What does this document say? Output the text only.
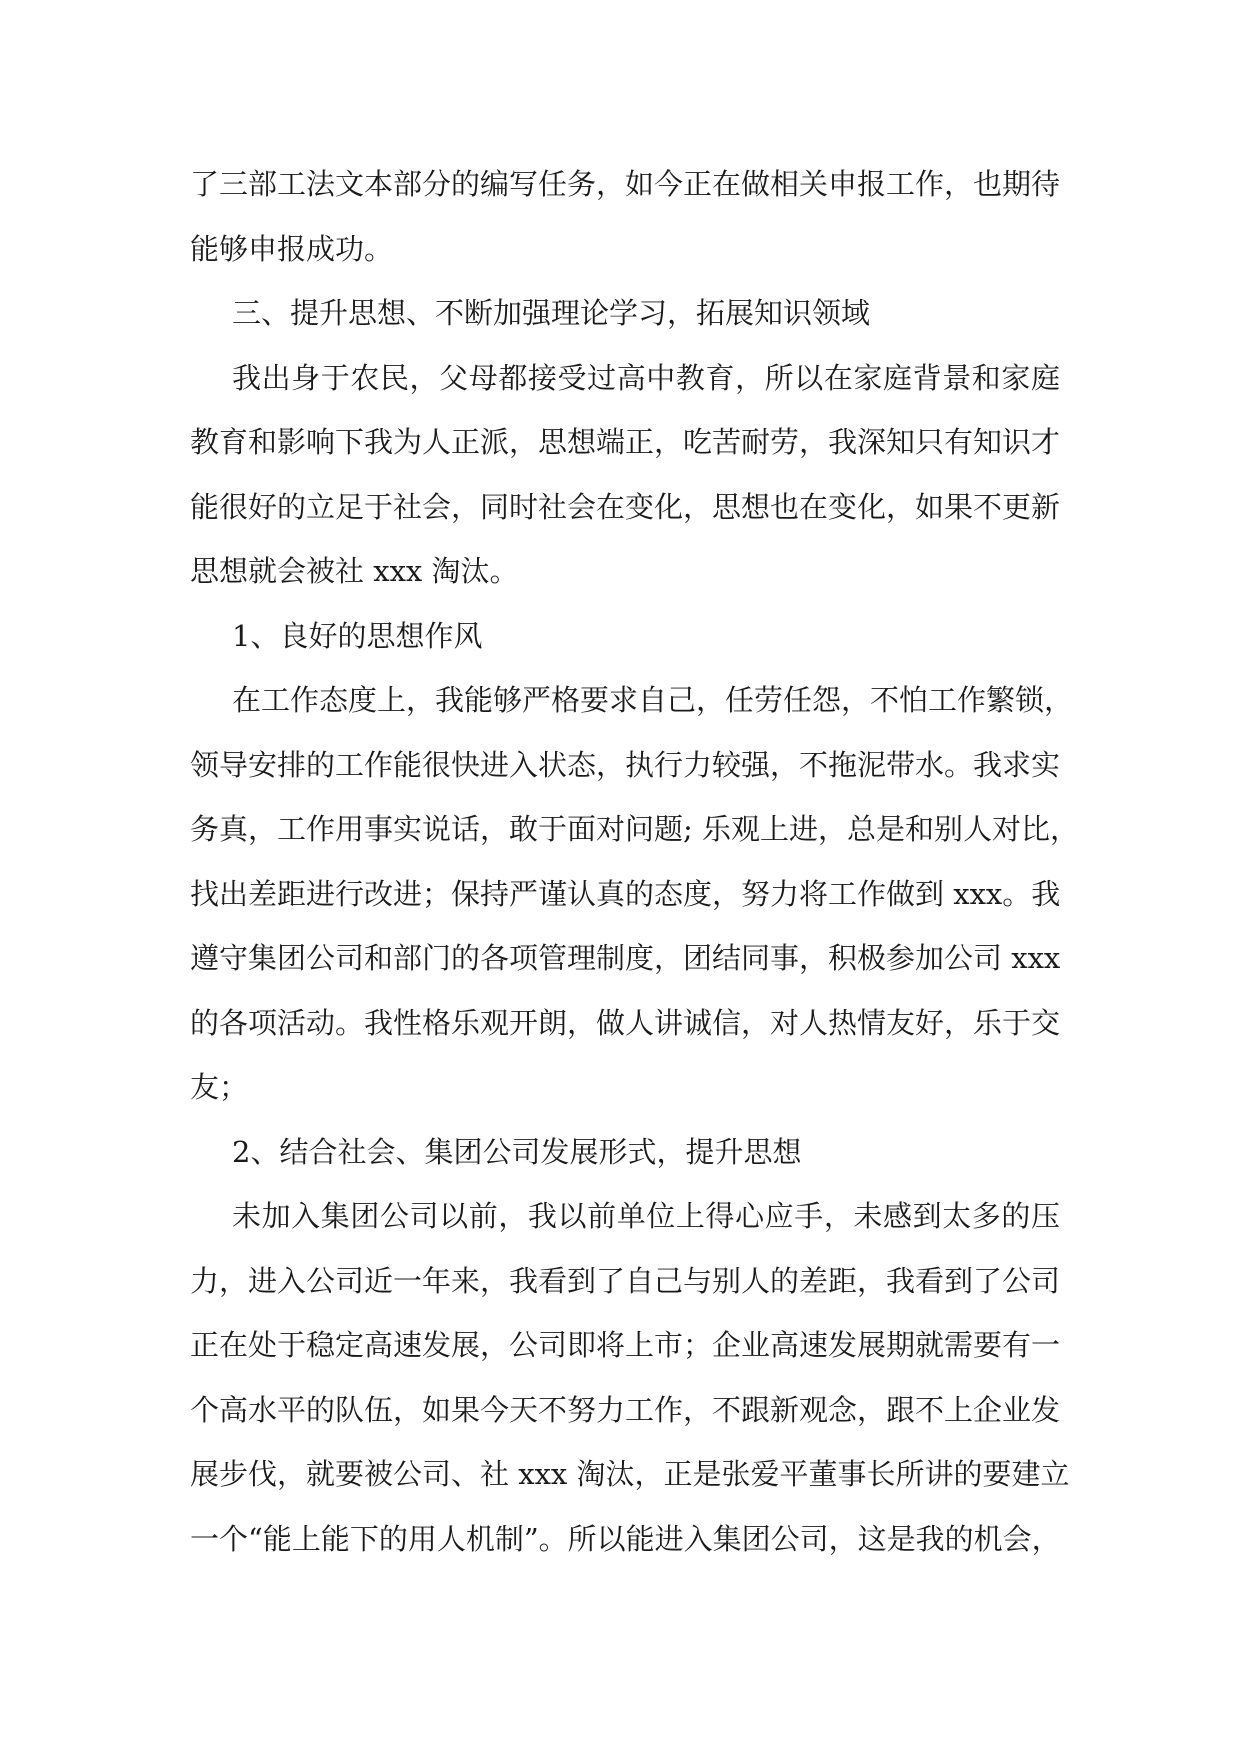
了三部工法文本部分的编写任务，如今正在做相关申报工作，也期待
能够申报成功。
三、提升思想、不断加强理论学习，拓展知识领域
我出身于农民，父母都接受过高中教育，所以在家庭背景和家庭
教育和影响下我为人正派，思想端正，吃苦耐劳，我深知只有知识才
能很好的立足于社会，同时社会在变化，思想也在变化，如果不更新
思想就会被社 xxx 淘汰。
1、良好的思想作风
在工作态度上，我能够严格要求自己，任劳任怨，不怕工作繁锁，
领导安排的工作能很快进入状态，执行力较强，不拖泥带水。我求实
务真，工作用事实说话，敢于面对问题; 乐观上进，总是和别人对比，
找出差距进行改进；保持严谨认真的态度，努力将工作做到 xxx。我
遵守集团公司和部门的各项管理制度，团结同事，积极参加公司 xxx
的各项活动。我性格乐观开朗，做人讲诚信，对人热情友好，乐于交
友；
2、结合社会、集团公司发展形式，提升思想
未加入集团公司以前，我以前单位上得心应手，未感到太多的压
力，进入公司近一年来，我看到了自己与别人的差距，我看到了公司
正在处于稳定高速发展，公司即将上市；企业高速发展期就需要有一
个高水平的队伍，如果今天不努力工作，不跟新观念，跟不上企业发
展步伐，就要被公司、社 xxx 淘汰，正是张爱平董事长所讲的要建立
一个“能上能下的用人机制”。所以能进入集团公司，这是我的机会，
